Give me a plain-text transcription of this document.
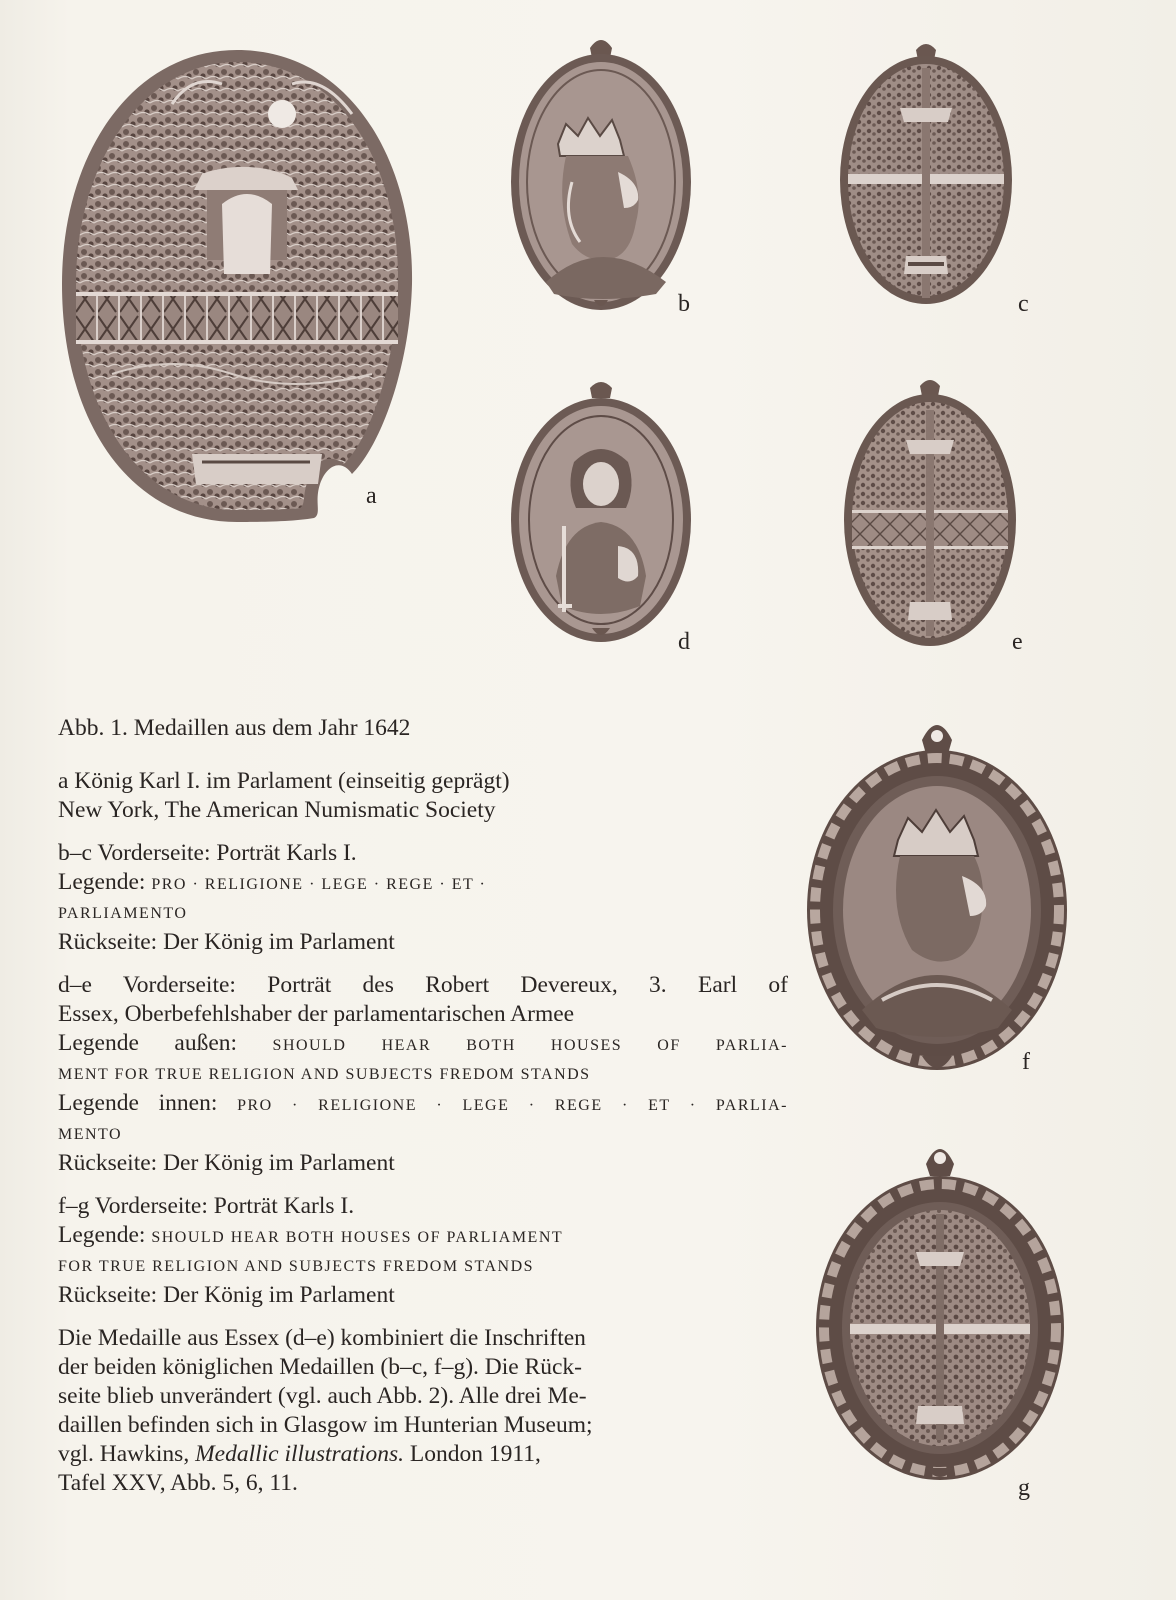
a
b	c
d	e
f
g

Abb. 1. Medaillen aus dem Jahr 1642

a König Karl I. im Parlament (einseitig geprägt)

New York, The American Numismatic Society

b–c Vorderseite: Porträt Karls I.

Legende: PRO · RELIGIONE · LEGE · REGE · ET ·

PARLIAMENTO

Rückseite: Der König im Parlament

d–e Vorderseite: Porträt des Robert Devereux, 3. Earl of

Essex, Oberbefehlshaber der parlamentarischen Armee

Legende außen: SHOULD HEAR BOTH HOUSES OF PARLIA-

MENT FOR TRUE RELIGION AND SUBJECTS FREDOM STANDS

Legende innen: PRO · RELIGIONE · LEGE · REGE · ET · PARLIA-

MENTO

Rückseite: Der König im Parlament

f–g Vorderseite: Porträt Karls I.

Legende: SHOULD HEAR BOTH HOUSES OF PARLIAMENT

FOR TRUE RELIGION AND SUBJECTS FREDOM STANDS

Rückseite: Der König im Parlament

Die Medaille aus Essex (d–e) kombiniert die Inschriften

der beiden königlichen Medaillen (b–c, f–g). Die Rück-

seite blieb unverändert (vgl. auch Abb. 2). Alle drei Me-

daillen befinden sich in Glasgow im Hunterian Museum;

vgl. Hawkins, Medallic illustrations. London 1911,

Tafel XXV, Abb. 5, 6, 11.
